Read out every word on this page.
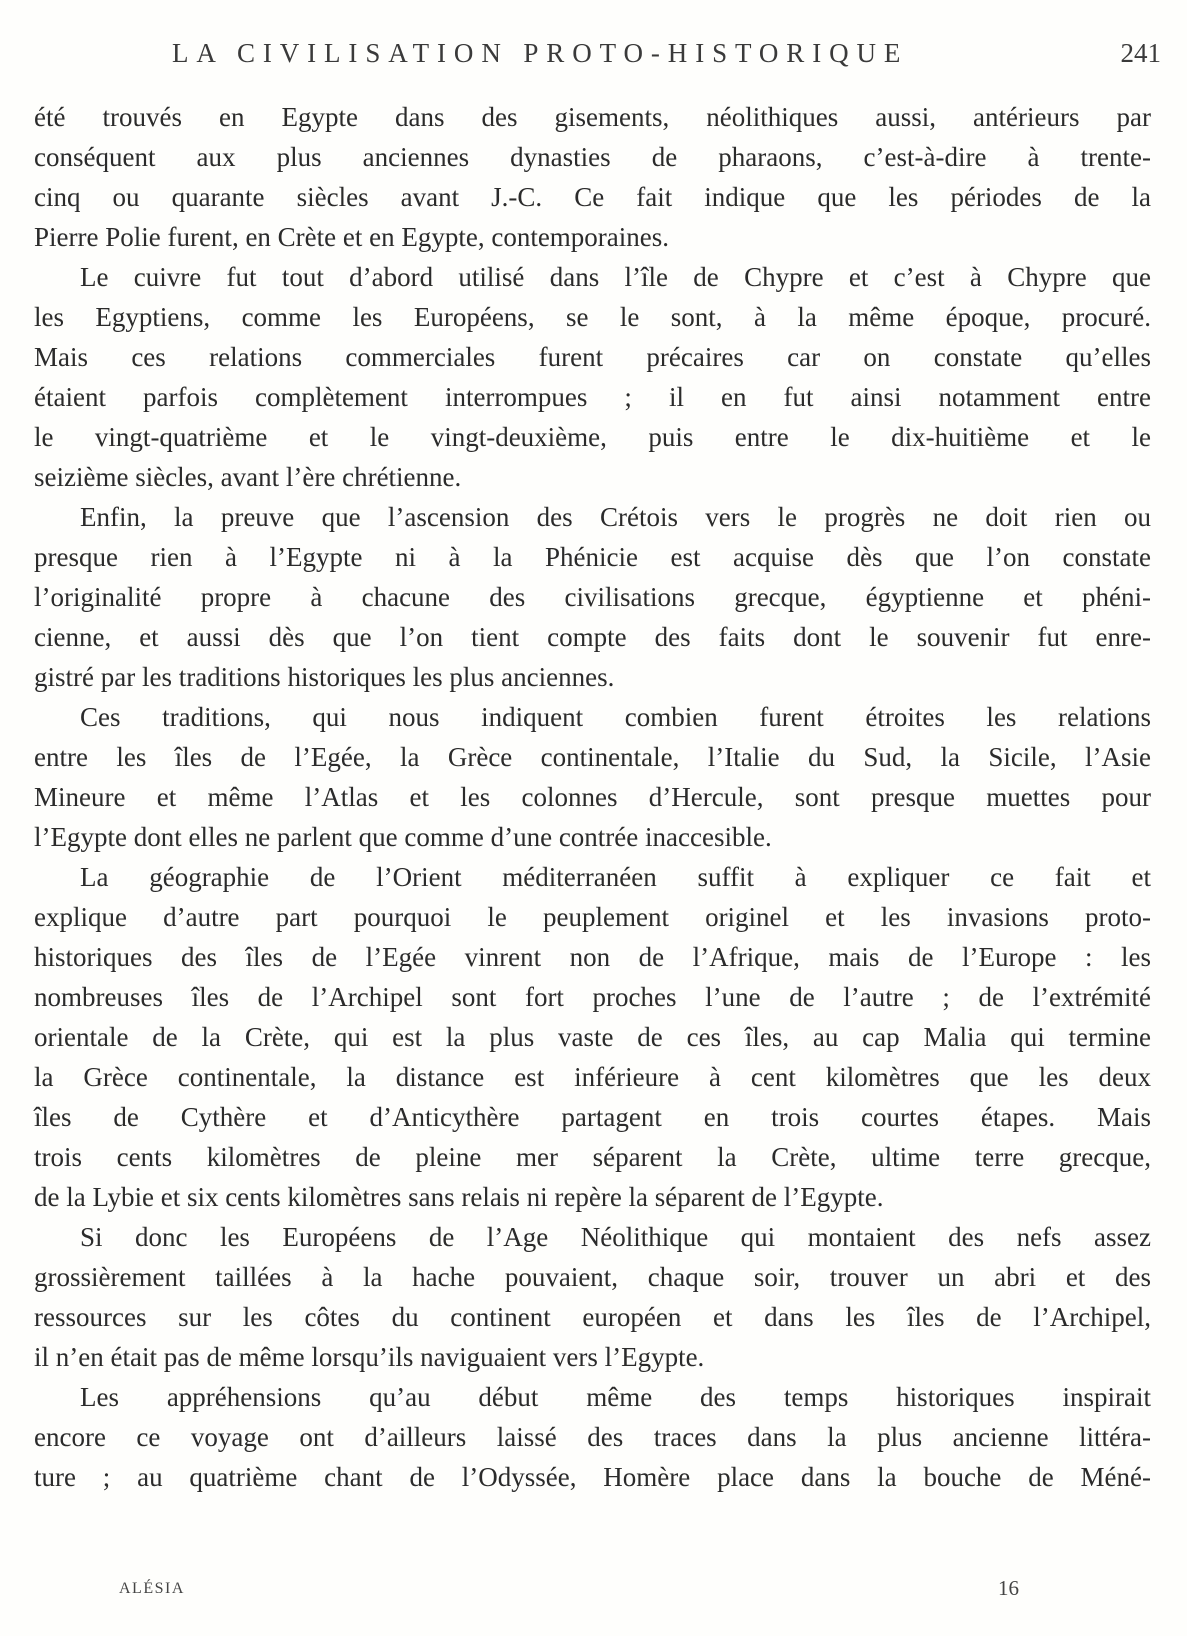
LA CIVILISATION PROTO-HISTORIQUE	241
été trouvés en Egypte dans des gisements, néolithiques aussi, antérieurs par
conséquent aux plus anciennes dynasties de pharaons, c’est-à-dire à trente-
cinq ou quarante siècles avant J.-C. Ce fait indique que les périodes de la
Pierre Polie furent, en Crète et en Egypte, contemporaines.
Le cuivre fut tout d’abord utilisé dans l’île de Chypre et c’est à Chypre que
les Egyptiens, comme les Européens, se le sont, à la même époque, procuré.
Mais ces relations commerciales furent précaires car on constate qu’elles
étaient parfois complètement interrompues ; il en fut ainsi notamment entre
le vingt-quatrième et le vingt-deuxième, puis entre le dix-huitième et le
seizième siècles, avant l’ère chrétienne.
Enfin, la preuve que l’ascension des Crétois vers le progrès ne doit rien ou
presque rien à l’Egypte ni à la Phénicie est acquise dès que l’on constate
l’originalité propre à chacune des civilisations grecque, égyptienne et phéni-
cienne, et aussi dès que l’on tient compte des faits dont le souvenir fut enre-
gistré par les traditions historiques les plus anciennes.
Ces traditions, qui nous indiquent combien furent étroites les relations
entre les îles de l’Egée, la Grèce continentale, l’Italie du Sud, la Sicile, l’Asie
Mineure et même l’Atlas et les colonnes d’Hercule, sont presque muettes pour
l’Egypte dont elles ne parlent que comme d’une contrée inaccesible.
La géographie de l’Orient méditerranéen suffit à expliquer ce fait et
explique d’autre part pourquoi le peuplement originel et les invasions proto-
historiques des îles de l’Egée vinrent non de l’Afrique, mais de l’Europe : les
nombreuses îles de l’Archipel sont fort proches l’une de l’autre ; de l’extrémité
orientale de la Crète, qui est la plus vaste de ces îles, au cap Malia qui termine
la Grèce continentale, la distance est inférieure à cent kilomètres que les deux
îles de Cythère et d’Anticythère partagent en trois courtes étapes. Mais
trois cents kilomètres de pleine mer séparent la Crète, ultime terre grecque,
de la Lybie et six cents kilomètres sans relais ni repère la séparent de l’Egypte.
Si donc les Européens de l’Age Néolithique qui montaient des nefs assez
grossièrement taillées à la hache pouvaient, chaque soir, trouver un abri et des
ressources sur les côtes du continent européen et dans les îles de l’Archipel,
il n’en était pas de même lorsqu’ils naviguaient vers l’Egypte.
Les appréhensions qu’au début même des temps historiques inspirait
encore ce voyage ont d’ailleurs laissé des traces dans la plus ancienne littéra-
ture ; au quatrième chant de l’Odyssée, Homère place dans la bouche de Méné-
ALÉSIA	16
